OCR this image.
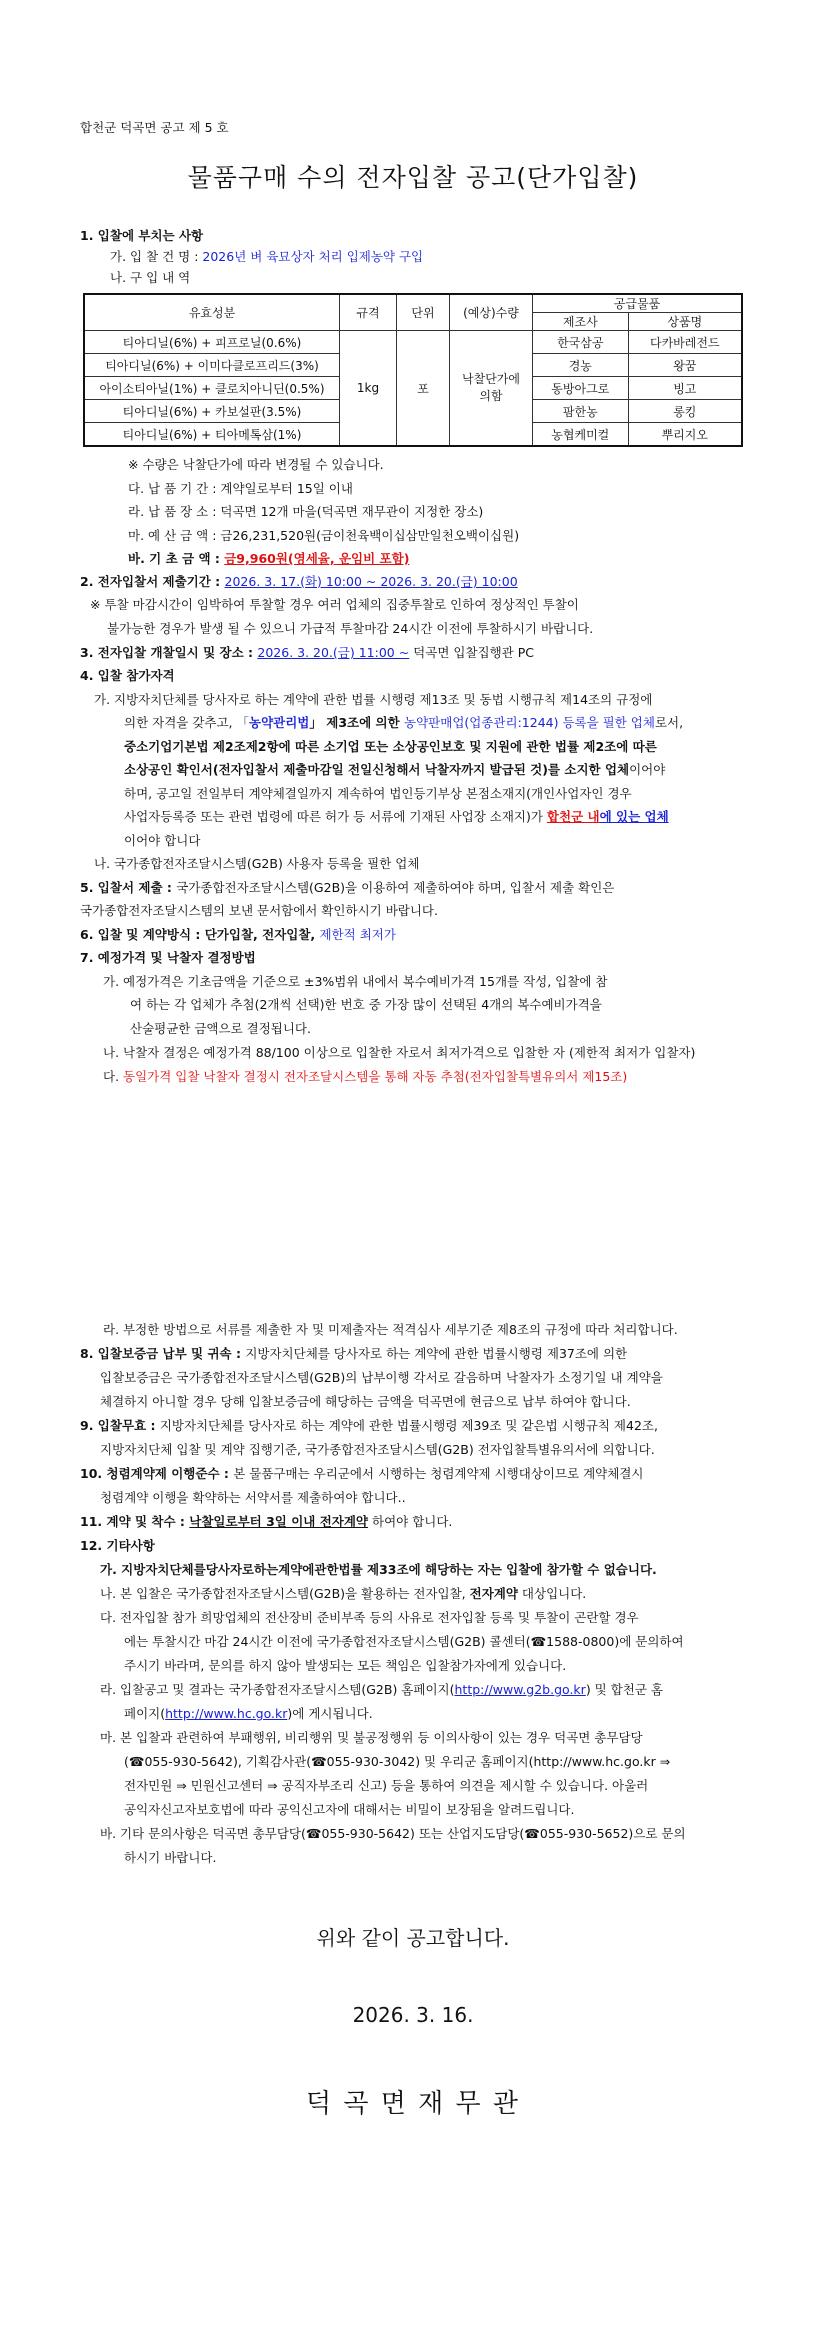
합천군 덕곡면 공고 제 5 호
물품구매 수의 전자입찰 공고(단가입찰)
1. 입찰에 부치는 사항
가. 입 찰 건 명 : 2026년 벼 육묘상자 처리 입제농약 구입
나. 구 입 내 역
유효성분	규격	단위	(예상)수량	공급물품	
				제조사	상품명
티아디닐(6%) + 피프로닐(0.6%)	1kg	포	낙찰단가에 의함	한국삼공	다카바레전드
티아디닐(6%) + 이미다클로프리드(3%)				경농	왕꿈
아이소티아닐(1%) + 클로치아니딘(0.5%)				동방아그로	빙고
티아디닐(6%) + 카보설판(3.5%)				팜한농	롱킹
티아디닐(6%) + 티아메톡삼(1%)				농협케미컬	뿌리지오
※ 수량은 낙찰단가에 따라 변경될 수 있습니다.
다. 납 품 기 간 : 계약일로부터 15일 이내
라. 납 품 장 소 : 덕곡면 12개 마을(덕곡면 재무관이 지정한 장소)
마. 예 산 금 액 : 금26,231,520원(금이천육백이십삼만일천오백이십원)
바. 기 초 금 액 : 금9,960원(영세율, 운임비 포함)
2. 전자입찰서 제출기간 : 2026. 3. 17.(화) 10:00 ~ 2026. 3. 20.(금) 10:00
※ 투찰 마감시간이 임박하여 투찰할 경우 여러 업체의 집중투찰로 인하여 정상적인 투찰이
불가능한 경우가 발생 될 수 있으니 가급적 투찰마감 24시간 이전에 투찰하시기 바랍니다.
3. 전자입찰 개찰일시 및 장소 : 2026. 3. 20.(금) 11:00 ~ 덕곡면 입찰집행관 PC
4. 입찰 참가자격
가. 지방자치단체를 당사자로 하는 계약에 관한 법률 시행령 제13조 및 동법 시행규칙 제14조의 규정에
의한 자격을 갖추고, 「농약관리법」 제3조에 의한 농약판매업(업종관리:1244) 등록을 필한 업체로서,
중소기업기본법 제2조제2항에 따른 소기업 또는 소상공인보호 및 지원에 관한 법률 제2조에 따른
소상공인 확인서(전자입찰서 제출마감일 전일신청해서 낙찰자까지 발급된 것)를 소지한 업체이어야
하며, 공고일 전일부터 계약체결일까지 계속하여 법인등기부상 본점소재지(개인사업자인 경우
사업자등록증 또는 관련 법령에 따른 허가 등 서류에 기재된 사업장 소재지)가 합천군 내에 있는 업체
이어야 합니다
나. 국가종합전자조달시스템(G2B) 사용자 등록을 필한 업체
5. 입찰서 제출 : 국가종합전자조달시스템(G2B)을 이용하여 제출하여야 하며, 입찰서 제출 확인은
국가종합전자조달시스템의 보낸 문서함에서 확인하시기 바랍니다.
6. 입찰 및 계약방식 : 단가입찰, 전자입찰, 제한적 최저가
7. 예정가격 및 낙찰자 결정방법
가. 예정가격은 기초금액을 기준으로 ±3%범위 내에서 복수예비가격 15개를 작성, 입찰에 참
여 하는 각 업체가 추첨(2개씩 선택)한 번호 중 가장 많이 선택된 4개의 복수예비가격을
산술평균한 금액으로 결정됩니다.
나. 낙찰자 결정은 예정가격 88/100 이상으로 입찰한 자로서 최저가격으로 입찰한 자 (제한적 최저가 입찰자)
다. 동일가격 입찰 낙찰자 결정시 전자조달시스템을 통해 자동 추첨(전자입찰특별유의서 제15조)
라. 부정한 방법으로 서류를 제출한 자 및 미제출자는 적격심사 세부기준 제8조의 규정에 따라 처리합니다.
8. 입찰보증금 납부 및 귀속 : 지방자치단체를 당사자로 하는 계약에 관한 법률시행령 제37조에 의한
입찰보증금은 국가종합전자조달시스템(G2B)의 납부이행 각서로 갈음하며 낙찰자가 소정기일 내 계약을
체결하지 아니할 경우 당해 입찰보증금에 해당하는 금액을 덕곡면에 현금으로 납부 하여야 합니다.
9. 입찰무효 : 지방자치단체를 당사자로 하는 계약에 관한 법률시행령 제39조 및 같은법 시행규칙 제42조,
지방자치단체 입찰 및 계약 집행기준, 국가종합전자조달시스템(G2B) 전자입찰특별유의서에 의합니다.
10. 청렴계약제 이행준수 : 본 물품구매는 우리군에서 시행하는 청렴계약제 시행대상이므로 계약체결시
청렴계약 이행을 확약하는 서약서를 제출하여야 합니다..
11. 계약 및 착수 : 낙찰일로부터 3일 이내 전자계약 하여야 합니다.
12. 기타사항
가. 지방자치단체를당사자로하는계약에관한법률 제33조에 해당하는 자는 입찰에 참가할 수 없습니다.
나. 본 입찰은 국가종합전자조달시스템(G2B)을 활용하는 전자입찰, 전자계약 대상입니다.
다. 전자입찰 참가 희망업체의 전산장비 준비부족 등의 사유로 전자입찰 등록 및 투찰이 곤란할 경우
에는 투찰시간 마감 24시간 이전에 국가종합전자조달시스템(G2B) 콜센터(☎1588-0800)에 문의하여
주시기 바라며, 문의를 하지 않아 발생되는 모든 책임은 입찰참가자에게 있습니다.
라. 입찰공고 및 결과는 국가종합전자조달시스템(G2B) 홈페이지(http://www.g2b.go.kr) 및 합천군 홈
페이지(http://www.hc.go.kr)에 게시됩니다.
마. 본 입찰과 관련하여 부패행위, 비리행위 및 불공정행위 등 이의사항이 있는 경우 덕곡면 총무담당
(☎055-930-5642), 기획감사관(☎055-930-3042) 및 우리군 홈페이지(http://www.hc.go.kr ⇒
전자민원 ⇒ 민원신고센터 ⇒ 공직자부조리 신고) 등을 통하여 의견을 제시할 수 있습니다. 아울러
공익자신고자보호법에 따라 공익신고자에 대해서는 비밀이 보장됨을 알려드립니다.
바. 기타 문의사항은 덕곡면 총무담당(☎055-930-5642) 또는 산업지도담당(☎055-930-5652)으로 문의
하시기 바랍니다.
위와 같이 공고합니다.
2026. 3. 16.
덕 곡 면 재 무 관
